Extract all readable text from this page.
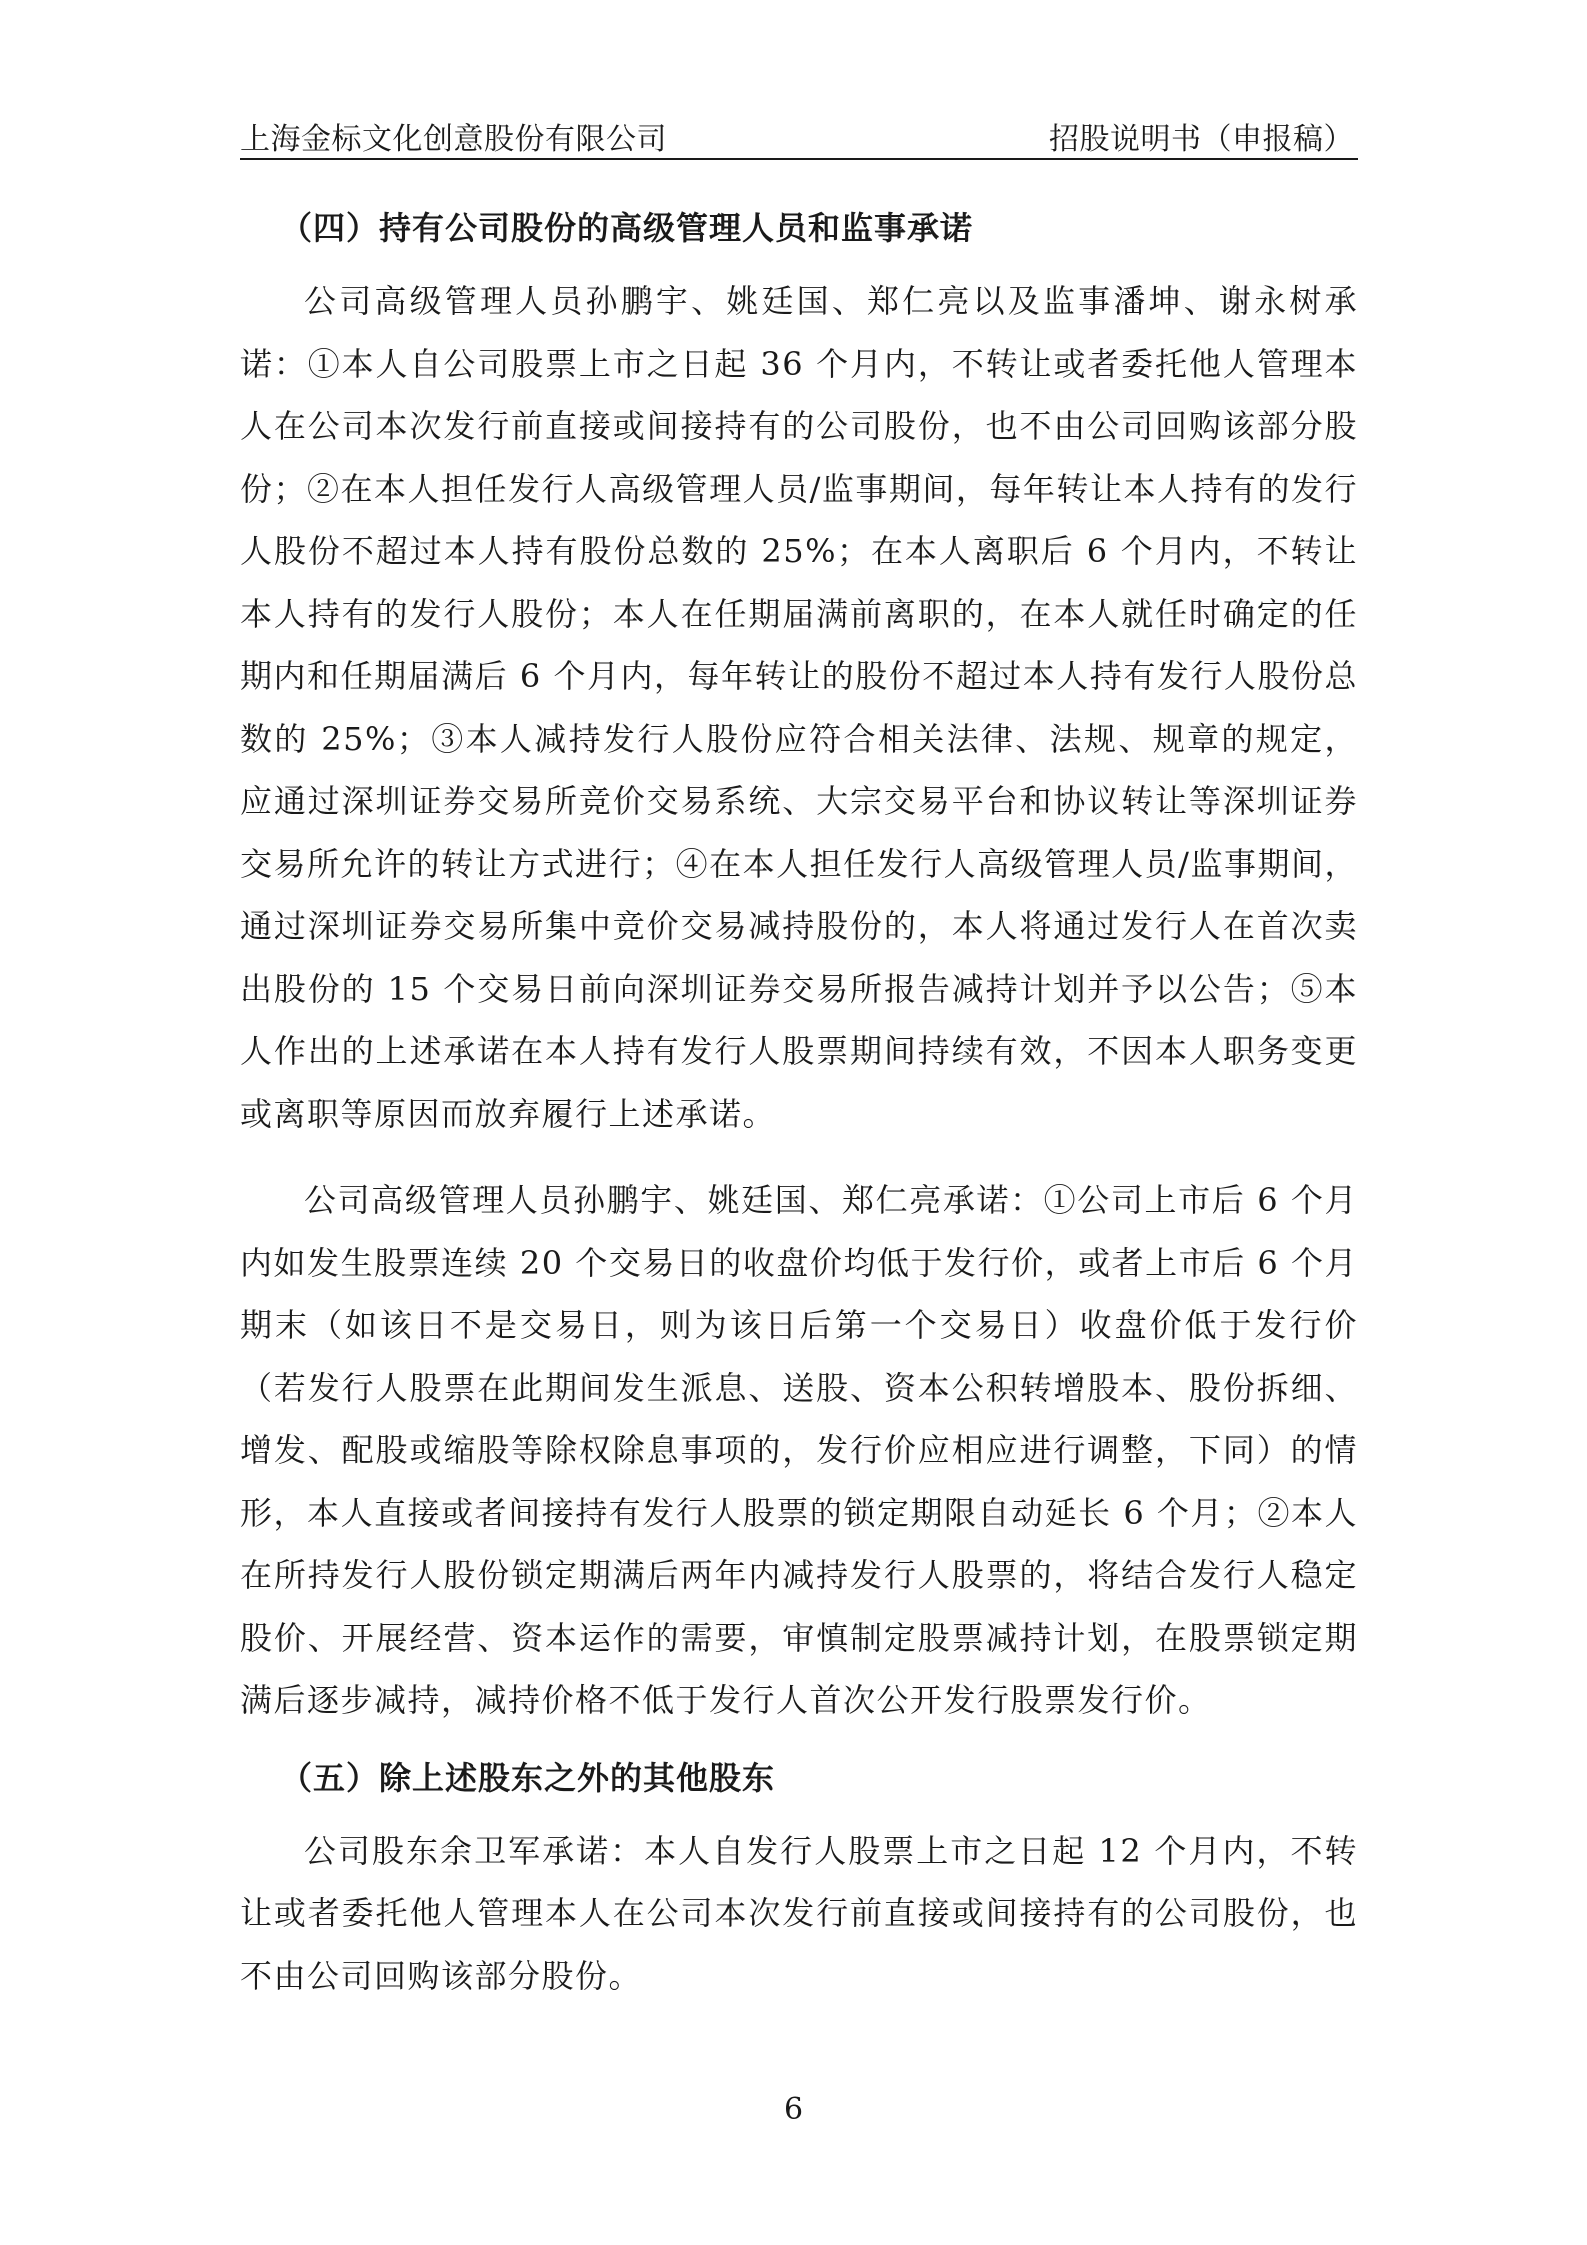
上海金标文化创意股份有限公司	招股说明书（申报稿）
（四）持有公司股份的高级管理人员和监事承诺

公司高级管理人员孙鹏宇、姚廷国、郑仁亮以及监事潘坤、谢永树承诺：①本人自公司股票上市之日起 36 个月内，不转让或者委托他人管理本人在公司本次发行前直接或间接持有的公司股份，也不由公司回购该部分股份；②在本人担任发行人高级管理人员/监事期间，每年转让本人持有的发行人股份不超过本人持有股份总数的 25%；在本人离职后 6 个月内，不转让本人持有的发行人股份；本人在任期届满前离职的，在本人就任时确定的任期内和任期届满后 6 个月内，每年转让的股份不超过本人持有发行人股份总数的 25%；③本人减持发行人股份应符合相关法律、法规、规章的规定，应通过深圳证券交易所竞价交易系统、大宗交易平台和协议转让等深圳证券交易所允许的转让方式进行；④在本人担任发行人高级管理人员/监事期间，通过深圳证券交易所集中竞价交易减持股份的，本人将通过发行人在首次卖出股份的 15 个交易日前向深圳证券交易所报告减持计划并予以公告；⑤本人作出的上述承诺在本人持有发行人股票期间持续有效，不因本人职务变更或离职等原因而放弃履行上述承诺。

公司高级管理人员孙鹏宇、姚廷国、郑仁亮承诺：①公司上市后 6 个月内如发生股票连续 20 个交易日的收盘价均低于发行价，或者上市后 6 个月期末（如该日不是交易日，则为该日后第一个交易日）收盘价低于发行价（若发行人股票在此期间发生派息、送股、资本公积转增股本、股份拆细、增发、配股或缩股等除权除息事项的，发行价应相应进行调整，下同）的情形，本人直接或者间接持有发行人股票的锁定期限自动延长 6 个月；②本人在所持发行人股份锁定期满后两年内减持发行人股票的，将结合发行人稳定股价、开展经营、资本运作的需要，审慎制定股票减持计划，在股票锁定期满后逐步减持，减持价格不低于发行人首次公开发行股票发行价。

（五）除上述股东之外的其他股东

公司股东余卫军承诺：本人自发行人股票上市之日起 12 个月内，不转让或者委托他人管理本人在公司本次发行前直接或间接持有的公司股份，也不由公司回购该部分股份。

6
